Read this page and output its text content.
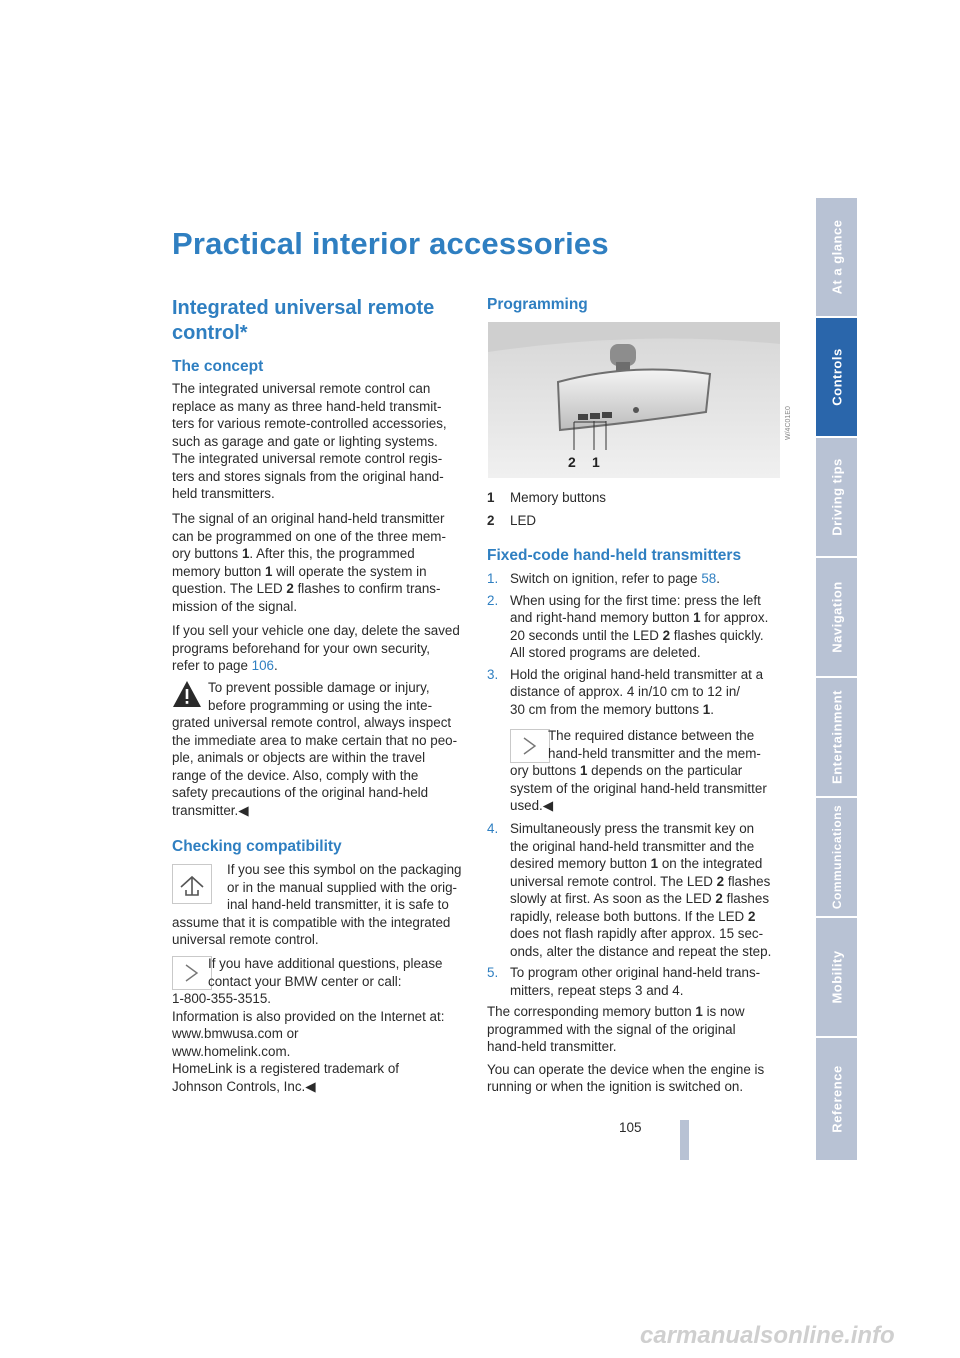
Practical interior accessories
Integrated universal remote
control*
The concept
The integrated universal remote control can
replace as many as three hand-held transmit-
ters for various remote-controlled accessories,
such as garage and gate or lighting systems.
The integrated universal remote control regis-
ters and stores signals from the original hand-
held transmitters.
The signal of an original hand-held transmitter
can be programmed on one of the three mem-
ory buttons 1. After this, the programmed
memory button 1 will operate the system in
question. The LED 2 flashes to confirm trans-
mission of the signal.
If you sell your vehicle one day, delete the saved
programs beforehand for your own security,
refer to page 106.
To prevent possible damage or injury,
before programming or using the inte-
grated universal remote control, always inspect
the immediate area to make certain that no peo-
ple, animals or objects are within the travel
range of the device. Also, comply with the
safety precautions of the original hand-held
transmitter.◀
Checking compatibility
If you see this symbol on the packaging
or in the manual supplied with the orig-
inal hand-held transmitter, it is safe to
assume that it is compatible with the integrated
universal remote control.
If you have additional questions, please
contact your BMW center or call:
1-800-355-3515.
Information is also provided on the Internet at:
www.bmwusa.com or
www.homelink.com.
HomeLink is a registered trademark of
Johnson Controls, Inc.◀
Programming
2 1
W/4C01E0
1 Memory buttons
2 LED
Fixed-code hand-held transmitters
1. Switch on ignition, refer to page 58.
2. When using for the first time: press the left
and right-hand memory button 1 for approx.
20 seconds until the LED 2 flashes quickly.
All stored programs are deleted.
3. Hold the original hand-held transmitter at a
distance of approx. 4 in/10 cm to 12 in/
30 cm from the memory buttons 1.
The required distance between the
hand-held transmitter and the mem-
ory buttons 1 depends on the particular
system of the original hand-held transmitter
used.◀
4. Simultaneously press the transmit key on
the original hand-held transmitter and the
desired memory button 1 on the integrated
universal remote control. The LED 2 flashes
slowly at first. As soon as the LED 2 flashes
rapidly, release both buttons. If the LED 2
does not flash rapidly after approx. 15 sec-
onds, alter the distance and repeat the step.
5. To program other original hand-held trans-
mitters, repeat steps 3 and 4.
The corresponding memory button 1 is now
programmed with the signal of the original
hand-held transmitter.
You can operate the device when the engine is
running or when the ignition is switched on.
At a glance
Controls
Driving tips
Navigation
Entertainment
Communications
Mobility
Reference
105
carmanualsonline.info
